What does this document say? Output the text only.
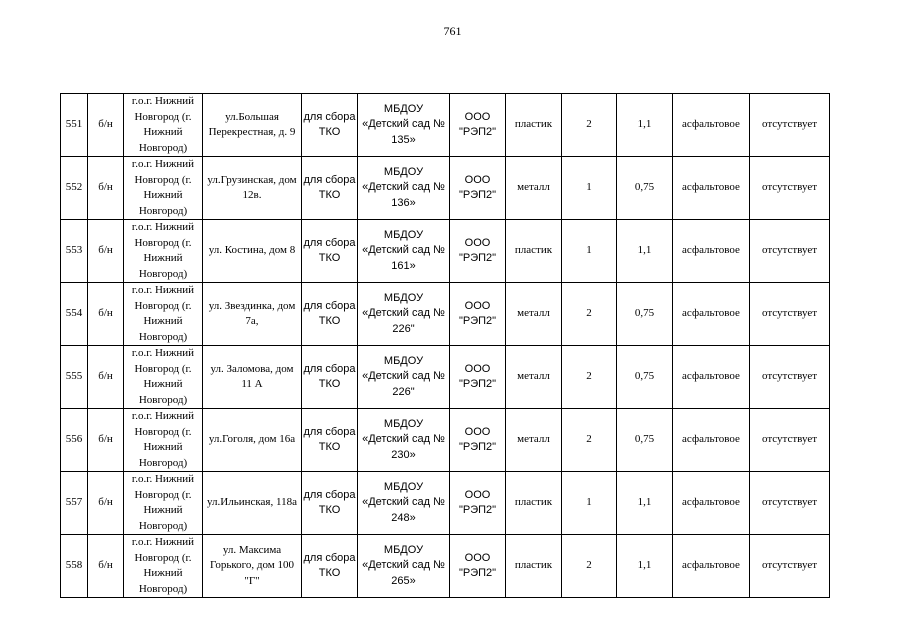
761
551	б/н	г.о.г. Нижний Новгород (г. Нижний Новгород)	ул.Большая Перекрестная, д. 9	для сбора ТКО	МБДОУ «Детский сад № 135»	ООО "РЭП2"	пластик	2	1,1	асфальтовое	отсутствует
552	б/н	г.о.г. Нижний Новгород (г. Нижний Новгород)	ул.Грузинская, дом 12в.	для сбора ТКО	МБДОУ «Детский сад № 136»	ООО "РЭП2"	металл	1	0,75	асфальтовое	отсутствует
553	б/н	г.о.г. Нижний Новгород (г. Нижний Новгород)	ул. Костина, дом 8	для сбора ТКО	МБДОУ «Детский сад № 161»	ООО "РЭП2"	пластик	1	1,1	асфальтовое	отсутствует
554	б/н	г.о.г. Нижний Новгород (г. Нижний Новгород)	ул. Звездинка, дом 7а,	для сбора ТКО	МБДОУ «Детский сад № 226"	ООО "РЭП2"	металл	2	0,75	асфальтовое	отсутствует
555	б/н	г.о.г. Нижний Новгород (г. Нижний Новгород)	ул. Заломова, дом 11 А	для сбора ТКО	МБДОУ «Детский сад № 226"	ООО "РЭП2"	металл	2	0,75	асфальтовое	отсутствует
556	б/н	г.о.г. Нижний Новгород (г. Нижний Новгород)	ул.Гоголя, дом 16а	для сбора ТКО	МБДОУ «Детский сад № 230»	ООО "РЭП2"	металл	2	0,75	асфальтовое	отсутствует
557	б/н	г.о.г. Нижний Новгород (г. Нижний Новгород)	ул.Ильинская, 118а	для сбора ТКО	МБДОУ «Детский сад № 248»	ООО "РЭП2"	пластик	1	1,1	асфальтовое	отсутствует
558	б/н	г.о.г. Нижний Новгород (г. Нижний Новгород)	ул. Максима Горького, дом 100 "Г"	для сбора ТКО	МБДОУ «Детский сад № 265»	ООО "РЭП2"	пластик	2	1,1	асфальтовое	отсутствует
